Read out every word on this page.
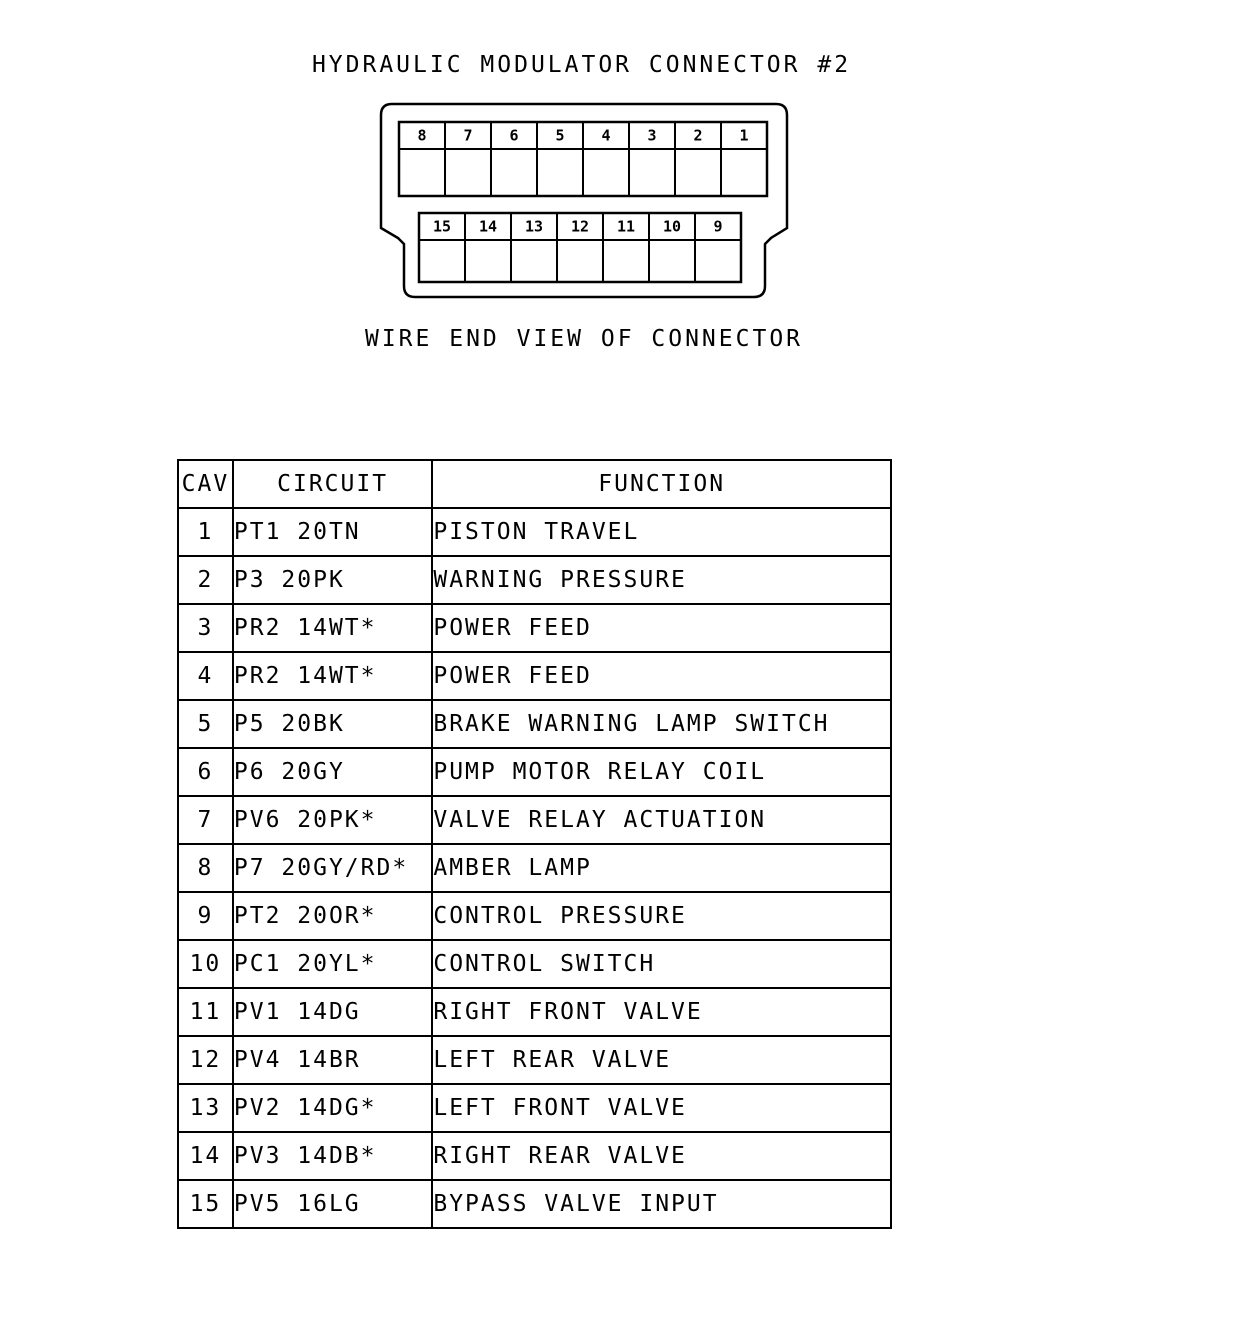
HYDRAULIC MODULATOR CONNECTOR #2
8 7 6 5 4 3 2 1
15 14 13 12 11 10 9
WIRE END VIEW OF CONNECTOR
CAV	CIRCUIT	FUNCTION
1	PT1 20TN	PISTON TRAVEL
2	P3 20PK	WARNING PRESSURE
3	PR2 14WT*	POWER FEED
4	PR2 14WT*	POWER FEED
5	P5 20BK	BRAKE WARNING LAMP SWITCH
6	P6 20GY	PUMP MOTOR RELAY COIL
7	PV6 20PK*	VALVE RELAY ACTUATION
8	P7 20GY/RD*	AMBER LAMP
9	PT2 20OR*	CONTROL PRESSURE
10	PC1 20YL*	CONTROL SWITCH
11	PV1 14DG	RIGHT FRONT VALVE
12	PV4 14BR	LEFT REAR VALVE
13	PV2 14DG*	LEFT FRONT VALVE
14	PV3 14DB*	RIGHT REAR VALVE
15	PV5 16LG	BYPASS VALVE INPUT
